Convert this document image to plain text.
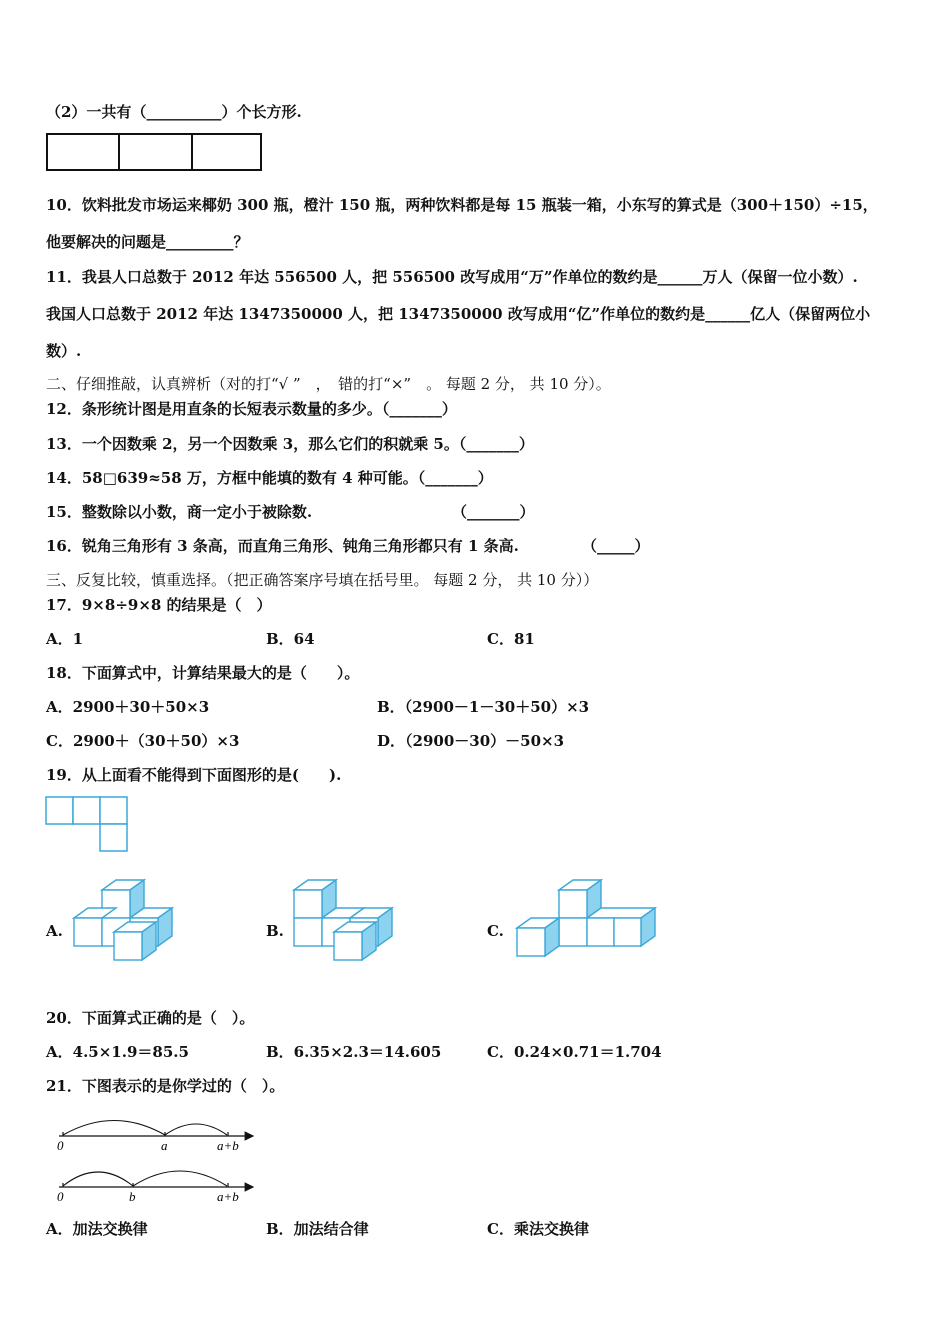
（2）一共有（__________）个长方形.
10．饮料批发市场运来椰奶 300 瓶，橙汁 150 瓶，两种饮料都是每 15 瓶装一箱，小东写的算式是（300＋150）÷15，
他要解决的问题是_________？
11．我县人口总数于 2012 年达 556500 人，把 556500 改写成用“万”作单位的数约是______万人（保留一位小数）.
我国人口总数于 2012 年达 1347350000 人，把 1347350000 改写成用“亿”作单位的数约是______亿人（保留两位小
数）.
二、仔细推敲，认真辨析（对的打“√ ”　，　错的打“×”　。 每题 2 分， 共 10 分）。
12．条形统计图是用直条的长短表示数量的多少。（_______）
13．一个因数乘 2，另一个因数乘 3，那么它们的积就乘 5。（_______）
14．58□639≈58 万，方框中能填的数有 4 种可能。（_______）
15．整数除以小数，商一定小于被除数.	（_______）
16．锐角三角形有 3 条高，而直角三角形、钝角三角形都只有 1 条高.	（_____）
三、反复比较，慎重选择。（把正确答案序号填在括号里。 每题 2 分， 共 10 分））
17．9×8÷9×8 的结果是（　）
A．1	B．64	C．81
18．下面算式中，计算结果最大的是（　　）。
A．2900＋30＋50×3	B．（2900－1－30＋50）×3
C．2900＋（30＋50）×3	D．（2900－30）－50×3
19．从上面看不能得到下面图形的是(　　).
A.	B.	C.
20．下面算式正确的是（　）。
A．4.5×1.9＝85.5	B．6.35×2.3＝14.605	C．0.24×0.71＝1.704
21．下图表示的是你学过的（　）。
0	a	a+b
0	b	a+b
A．加法交换律	B．加法结合律	C．乘法交换律
